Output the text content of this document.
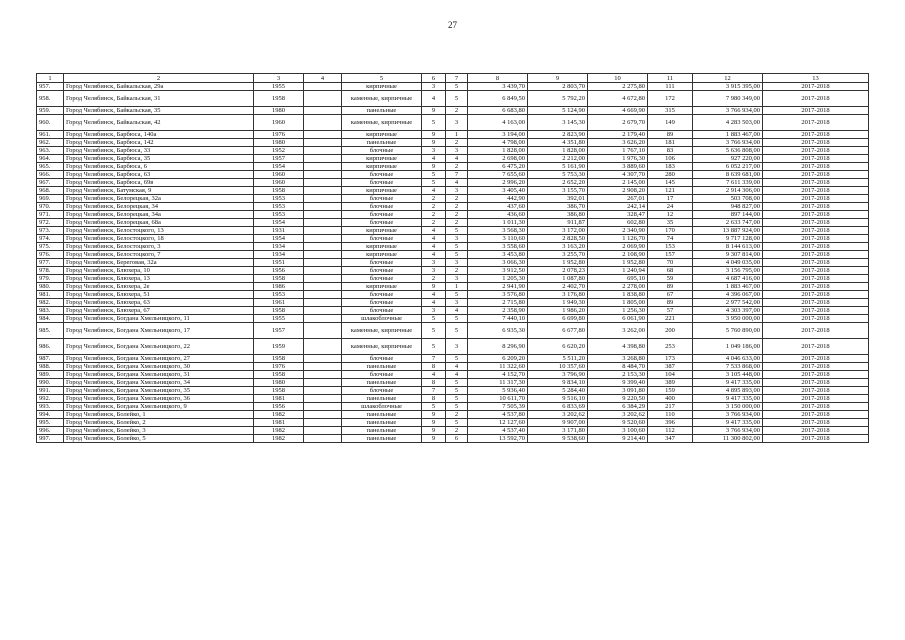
27
1	2	3	4	5	6	7	8	9	10	11	12	13
957.	Город Челябинск, Байкальская, 29а	1955		кирпичные	3	5	3 439,70	2 803,70	2 275,80	111	3 915 395,00	2017-2018
958.	Город Челябинск, Байкальская, 31	1958		каменные, кирпичные	4	5	6 849,50	5 792,20	4 672,80	172	7 980 349,00	2017-2018
959.	Город Челябинск, Байкальская, 35	1980		панельные	9	2	6 683,80	5 124,90	4 669,90	315	3 766 934,00	2017-2018
960.	Город Челябинск, Байкальская, 42	1960		каменные, кирпичные	5	3	4 163,00	3 145,30	2 679,70	149	4 283 503,00	2017-2018
961.	Город Челябинск, Барбюса, 140а	1976		кирпичные	9	1	3 194,00	2 823,90	2 179,40	89	1 883 467,00	2017-2018
962.	Город Челябинск, Барбюса, 142	1980		панельные	9	2	4 798,00	4 351,80	3 626,20	181	3 766 934,00	2017-2018
963.	Город Челябинск, Барбюса, 33	1952		блочные	3	3	1 828,00	1 828,00	1 767,10	83	5 636 808,00	2017-2018
964.	Город Челябинск, Барбюса, 35	1957		кирпичные	4	4	2 698,00	2 212,00	1 976,30	106	927 220,00	2017-2018
965.	Город Челябинск, Барбюса, 6	1954		кирпичные	9	2	6 475,20	5 161,90	3 889,60	183	6 052 217,00	2017-2018
966.	Город Челябинск, Барбюса, 63	1960		блочные	5	7	7 655,60	5 753,30	4 307,70	280	8 639 681,00	2017-2018
967.	Город Челябинск, Барбюса, 69в	1960		блочные	5	4	2 996,20	2 652,20	2 145,00	145	7 611 339,00	2017-2018
968.	Город Челябинск, Батумская, 9	1958		кирпичные	4	3	3 405,40	3 155,70	2 908,20	121	2 914 306,00	2017-2018
969.	Город Челябинск, Белорецкая, 32а	1953		блочные	2	2	442,90	392,01	267,01	17	503 708,00	2017-2018
970.	Город Челябинск, Белорецкая, 34	1953		блочные	2	2	437,60	386,70	242,14	24	948 827,00	2017-2018
971.	Город Челябинск, Белорецкая, 34а	1953		блочные	2	2	436,60	386,80	328,47	12	897 144,00	2017-2018
972.	Город Челябинск, Белорецкая, 68а	1954		блочные	2	2	1 011,30	911,87	602,80	35	2 633 747,00	2017-2018
973.	Город Челябинск, Белостоцкого, 13	1931		кирпичные	4	5	3 568,30	3 172,00	2 340,90	170	13 887 924,00	2017-2018
974.	Город Челябинск, Белостоцкого, 18	1954		блочные	4	3	3 110,60	2 828,50	1 126,70	74	9 717 128,00	2017-2018
975.	Город Челябинск, Белостоцкого, 3	1934		кирпичные	4	5	3 558,60	3 163,20	2 069,90	153	8 144 613,00	2017-2018
976.	Город Челябинск, Белостоцкого, 7	1934		кирпичные	4	5	3 453,80	3 255,70	2 108,90	157	9 307 814,00	2017-2018
977.	Город Челябинск, Береговая, 32а	1951		блочные	3	3	3 066,30	1 952,80	1 952,80	70	4 049 035,00	2017-2018
978.	Город Челябинск, Блюхера, 10	1956		блочные	3	2	3 912,50	2 078,23	1 240,94	68	3 156 795,00	2017-2018
979.	Город Челябинск, Блюхера, 13	1958		блочные	2	3	1 205,30	1 087,80	695,10	59	4 687 416,00	2017-2018
980.	Город Челябинск, Блюхера, 2е	1986		кирпичные	9	1	2 941,90	2 402,70	2 278,00	89	1 883 467,00	2017-2018
981.	Город Челябинск, Блюхера, 51	1953		блочные	4	5	3 576,80	3 176,80	1 838,80	67	4 396 067,00	2017-2018
982.	Город Челябинск, Блюхера, 63	1961		блочные	4	3	2 715,80	1 949,30	1 805,00	89	2 977 542,00	2017-2018
983.	Город Челябинск, Блюхера, 67	1958		блочные	3	4	2 358,90	1 986,20	1 256,30	57	4 303 397,00	2017-2018
984.	Город Челябинск, Богдана Хмельницкого, 11	1955		шлакоблочные	5	5	7 440,10	6 699,80	6 061,90	221	3 950 000,00	2017-2018
985.	Город Челябинск, Богдана Хмельницкого, 17	1957		каменные, кирпичные	5	5	6 935,30	6 677,80	3 262,00	200	5 760 890,00	2017-2018
986.	Город Челябинск, Богдана Хмельницкого, 22	1959		каменные, кирпичные	5	3	8 296,90	6 620,20	4 398,80	253	1 049 186,00	2017-2018
987.	Город Челябинск, Богдана Хмельницкого, 27	1958		блочные	7	5	6 209,20	5 511,20	3 268,80	173	4 046 633,00	2017-2018
988.	Город Челябинск, Богдана Хмельницкого, 30	1976		панельные	8	4	11 322,60	10 357,60	8 484,70	387	7 533 868,00	2017-2018
989.	Город Челябинск, Богдана Хмельницкого, 31	1958		блочные	4	4	4 152,70	3 796,90	2 153,30	104	3 105 448,00	2017-2018
990.	Город Челябинск, Богдана Хмельницкого, 34	1980		панельные	8	5	11 317,30	9 834,10	9 399,40	389	9 417 335,00	2017-2018
991.	Город Челябинск, Богдана Хмельницкого, 35	1958		блочные	7	5	5 936,40	5 284,40	3 091,80	159	4 895 893,00	2017-2018
992.	Город Челябинск, Богдана Хмельницкого, 36	1981		панельные	8	5	10 611,70	9 516,10	9 220,50	400	9 417 335,00	2017-2018
993.	Город Челябинск, Богдана Хмельницкого, 9	1956		шлакоблочные	5	5	7 505,39	6 833,69	6 384,29	217	3 150 000,00	2017-2018
994.	Город Челябинск, Болейко, 1	1982		панельные	9	2	4 537,80	3 202,62	3 202,62	110	3 766 934,00	2017-2018
995.	Город Челябинск, Болейко, 2	1981		панельные	9	5	12 127,60	9 907,00	9 520,60	396	9 417 335,00	2017-2018
996.	Город Челябинск, Болейко, 3	1982		панельные	9	2	4 537,40	3 171,80	3 100,60	112	3 766 934,00	2017-2018
997.	Город Челябинск, Болейко, 5	1982		панельные	9	6	13 592,70	9 538,60	9 214,40	347	11 300 802,00	2017-2018
